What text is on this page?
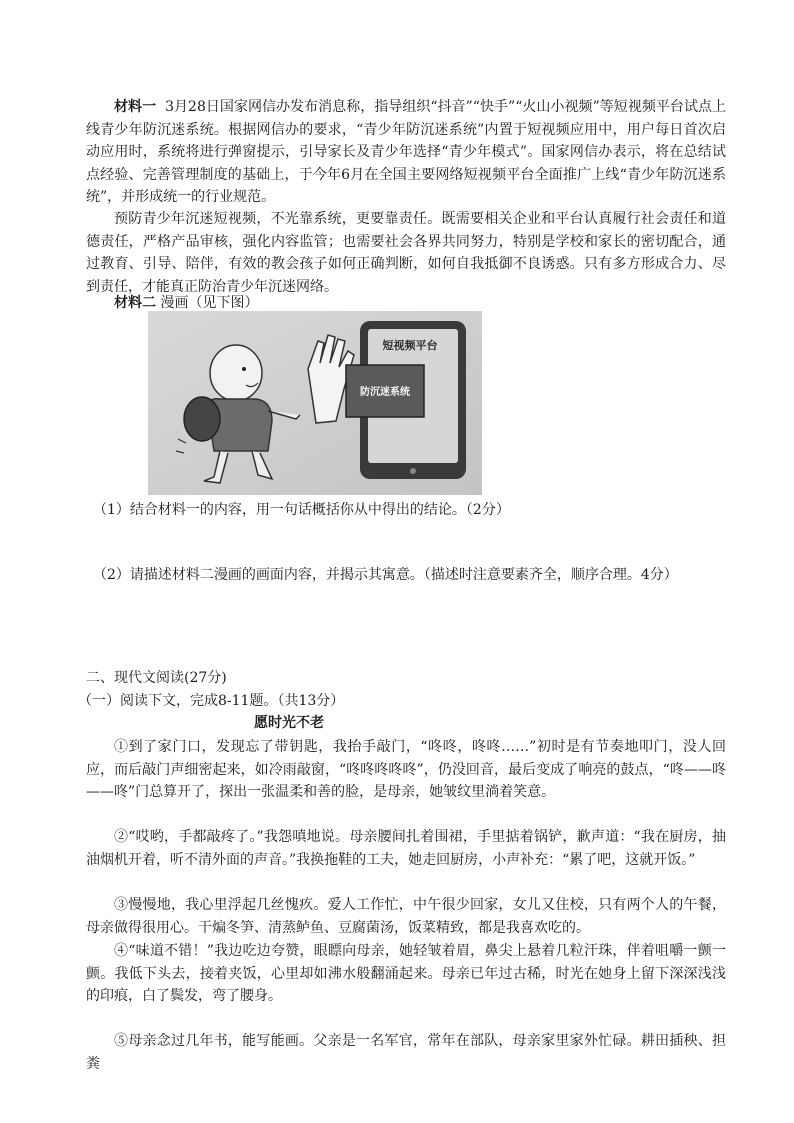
材料一 3月28日国家网信办发布消息称，指导组织“抖音”“快手”“火山小视频”等短视频平台试点上线青少年防沉迷系统。根据网信办的要求，“青少年防沉迷系统”内置于短视频应用中，用户每日首次启动应用时，系统将进行弹窗提示，引导家长及青少年选择“青少年模式”。国家网信办表示，将在总结试点经验、完善管理制度的基础上，于今年6月在全国主要网络短视频平台全面推广上线“青少年防沉迷系统”，并形成统一的行业规范。

预防青少年沉迷短视频，不光靠系统，更要靠责任。既需要相关企业和平台认真履行社会责任和道德责任，严格产品审核，强化内容监管；也需要社会各界共同努力，特别是学校和家长的密切配合，通过教育、引导、陪伴，有效的教会孩子如何正确判断，如何自我抵御不良诱惑。只有多方形成合力、尽到责任，才能真正防治青少年沉迷网络。

材料二 漫画（见下图）

短视频平台
防沉迷系统

（1）结合材料一的内容，用一句话概括你从中得出的结论。（2分）

（2）请描述材料二漫画的画面内容，并揭示其寓意。（描述时注意要素齐全，顺序合理。4分）

二、现代文阅读(27分)

（一）阅读下文，完成8-11题。（共13分）

愿时光不老

①到了家门口，发现忘了带钥匙，我抬手敲门，“咚咚，咚咚……”初时是有节奏地叩门，没人回应，而后敲门声细密起来，如冷雨敲窗，“咚咚咚咚咚”，仍没回音，最后变成了响亮的鼓点，“咚——咚——咚”门总算开了，探出一张温柔和善的脸，是母亲，她皱纹里淌着笑意。

②“哎哟，手都敲疼了。”我怨嗔地说。母亲腰间扎着围裙，手里掂着锅铲，歉声道：“我在厨房，抽油烟机开着，听不清外面的声音。”我换拖鞋的工夫，她走回厨房，小声补充：“累了吧，这就开饭。”

③慢慢地，我心里浮起几丝愧疚。爱人工作忙，中午很少回家，女儿又住校，只有两个人的午餐，母亲做得很用心。干煸冬笋、清蒸鲈鱼、豆腐菌汤，饭菜精致，都是我喜欢吃的。

④“味道不错！”我边吃边夸赞，眼瞟向母亲，她轻皱着眉，鼻尖上悬着几粒汗珠，伴着咀嚼一颤一颤。我低下头去，接着夹饭，心里却如沸水般翻涌起来。母亲已年过古稀，时光在她身上留下深深浅浅的印痕，白了鬓发，弯了腰身。

⑤母亲念过几年书，能写能画。父亲是一名军官，常年在部队，母亲家里家外忙碌。耕田插秧、担粪
